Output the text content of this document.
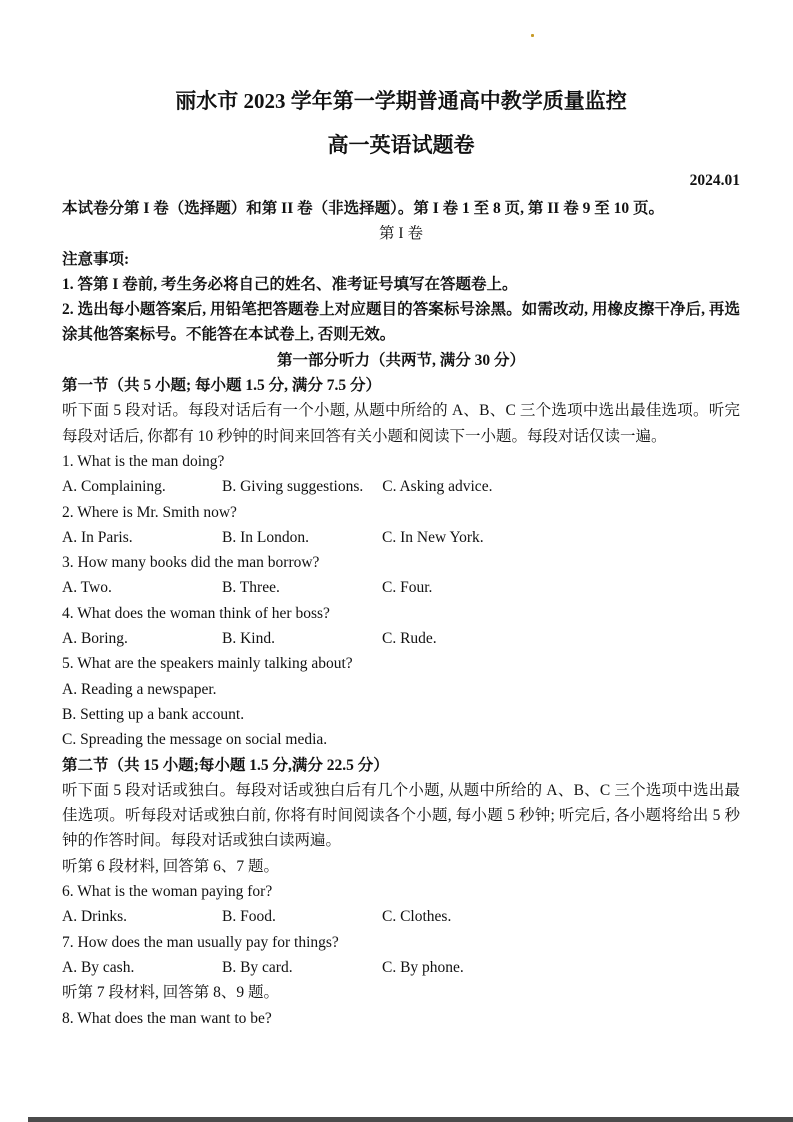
丽水市 2023 学年第一学期普通高中教学质量监控
高一英语试题卷
2024.01

本试卷分第 I 卷（选择题）和第 II 卷（非选择题）。第 I 卷 1 至 8 页, 第 II 卷 9 至 10 页。

第 I 卷

注意事项:

1. 答第 I 卷前, 考生务必将自己的姓名、准考证号填写在答题卷上。

2. 选出每小题答案后, 用铅笔把答题卷上对应题目的答案标号涂黑。如需改动, 用橡皮擦干净后, 再选涂其他答案标号。不能答在本试卷上, 否则无效。

第一部分听力（共两节, 满分 30 分）

第一节（共 5 小题; 每小题 1.5 分, 满分 7.5 分）

听下面 5 段对话。每段对话后有一个小题, 从题中所给的 A、B、C 三个选项中选出最佳选项。听完每段对话后, 你都有 10 秒钟的时间来回答有关小题和阅读下一小题。每段对话仅读一遍。

1. What is the man doing?

A. Complaining.	B. Giving suggestions. C. Asking advice.

2. Where is Mr. Smith now?

A. In Paris.	B. In London.	C. In New York.

3. How many books did the man borrow?

A. Two.	B. Three.	C. Four.

4. What does the woman think of her boss?

A. Boring.	B. Kind.	C. Rude.

5. What are the speakers mainly talking about?

A. Reading a newspaper.
B. Setting up a bank account.
C. Spreading the message on social media.

第二节（共 15 小题;每小题 1.5 分,满分 22.5 分）

听下面 5 段对话或独白。每段对话或独白后有几个小题, 从题中所给的 A、B、C 三个选项中选出最佳选项。听每段对话或独白前, 你将有时间阅读各个小题, 每小题 5 秒钟; 听完后, 各小题将给出 5 秒钟的作答时间。每段对话或独白读两遍。

听第 6 段材料, 回答第 6、7 题。

6. What is the woman paying for?

A. Drinks.	B. Food.	C. Clothes.

7. How does the man usually pay for things?

A. By cash.	B. By card.	C. By phone.

听第 7 段材料, 回答第 8、9 题。

8. What does the man want to be?
